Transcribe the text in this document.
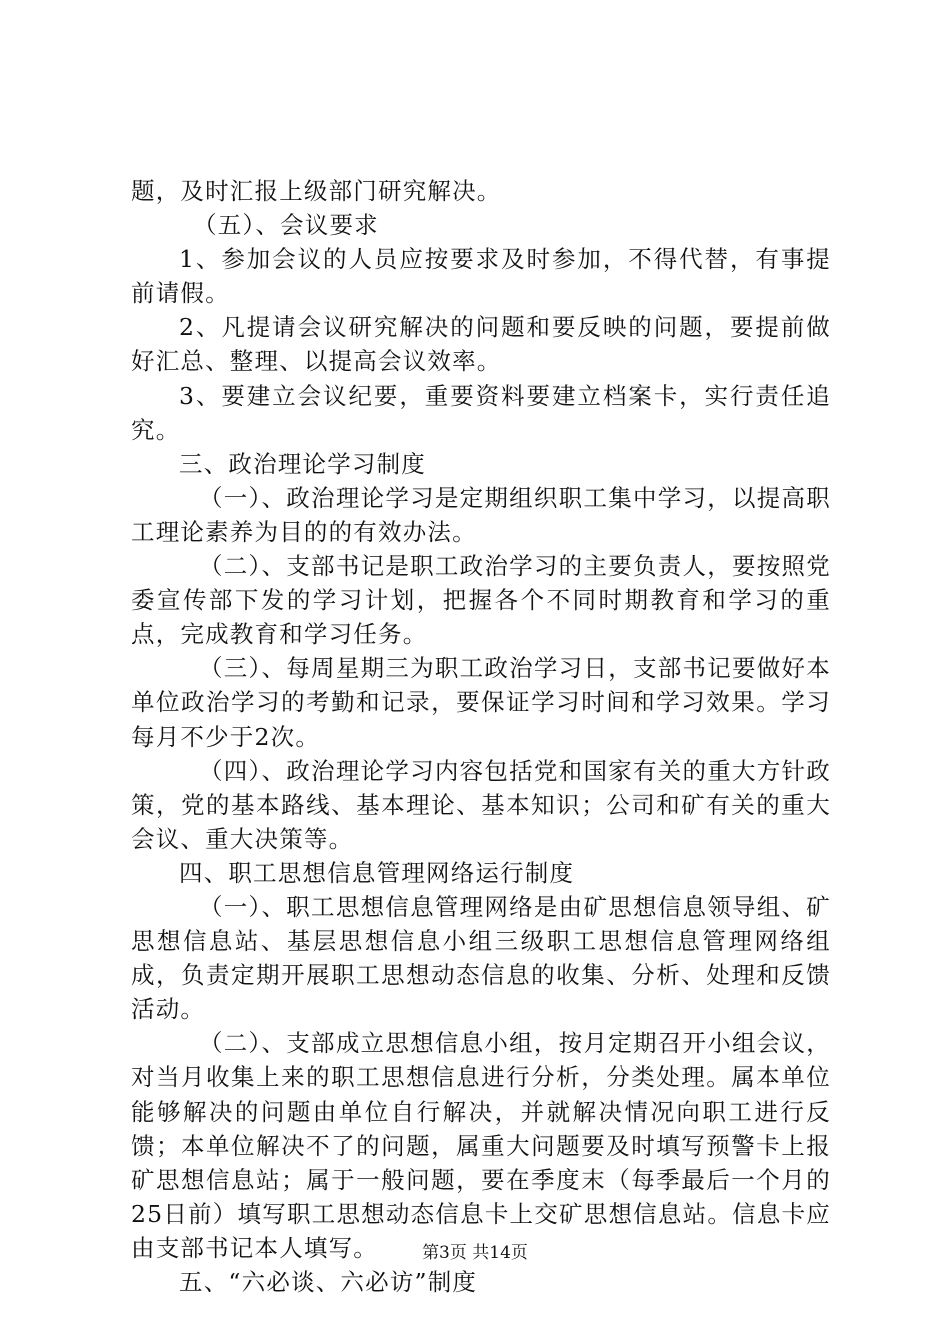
题，及时汇报上级部门研究解决。

（五）、会议要求

1、参加会议的人员应按要求及时参加，不得代替，有事提前请假。

2、凡提请会议研究解决的问题和要反映的问题，要提前做好汇总、整理、以提高会议效率。

3、要建立会议纪要，重要资料要建立档案卡，实行责任追究。

三、政治理论学习制度

（一）、政治理论学习是定期组织职工集中学习，以提高职工理论素养为目的的有效办法。

（二）、支部书记是职工政治学习的主要负责人，要按照党委宣传部下发的学习计划，把握各个不同时期教育和学习的重点，完成教育和学习任务。

（三）、每周星期三为职工政治学习日，支部书记要做好本单位政治学习的考勤和记录，要保证学习时间和学习效果。学习每月不少于2次。

（四）、政治理论学习内容包括党和国家有关的重大方针政策，党的基本路线、基本理论、基本知识；公司和矿有关的重大会议、重大决策等。

四、职工思想信息管理网络运行制度

（一）、职工思想信息管理网络是由矿思想信息领导组、矿思想信息站、基层思想信息小组三级职工思想信息管理网络组成，负责定期开展职工思想动态信息的收集、分析、处理和反馈活动。

（二）、支部成立思想信息小组，按月定期召开小组会议，对当月收集上来的职工思想信息进行分析，分类处理。属本单位能够解决的问题由单位自行解决，并就解决情况向职工进行反馈；本单位解决不了的问题，属重大问题要及时填写预警卡上报矿思想信息站；属于一般问题，要在季度末（每季最后一个月的25日前）填写职工思想动态信息卡上交矿思想信息站。信息卡应由支部书记本人填写。

五、“六必谈、六必访”制度

第3页 共14页
